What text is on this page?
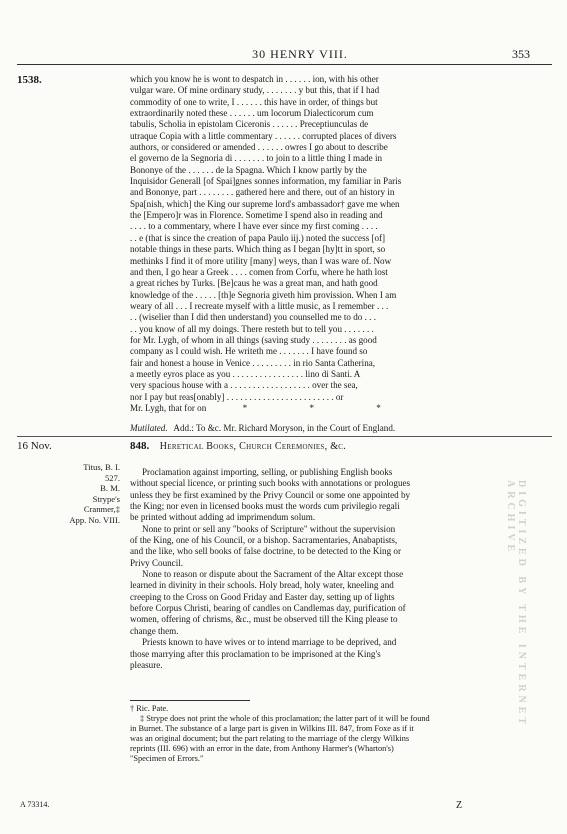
30 HENRY VIII.	353
1538.	which you know he is wont to despatch in . . . . . . ion, with his other
vulgar ware. Of mine ordinary study, . . . . . . . y but this, that if I had
commodity of one to write, I . . . . . . this have in order, of things but
extraordinarily noted these . . . . . . um locorum Dialecticorum cum
tabulis, Scholia in epistolam Ciceronis . . . . . . Preceptiunculas de
utraque Copia with a little commentary . . . . . . corrupted places of divers
authors, or considered or amended . . . . . . owres I go about to describe
el governo de la Segnoria di . . . . . . . to join to a little thing I made in
Bononye of the . . . . . . de la Spagna. Which I know partly by the
Inquisidor Generall [of Spai]gnes sonnes information, my familiar in Paris
and Bononye, part . . . . . . . . gathered here and there, out of an history in
Spa[nish, which] the King our supreme lord's ambassador† gave me when
the [Empero]r was in Florence. Sometime I spend also in reading and
. . . . to a commentary, where I have ever since my first coming . . . .
. . e (that is since the creation of papa Paulo iij.) noted the success [of]
notable things in these parts. Which thing as I began [hy]tt in sport, so
methinks I find it of more utility [many] weys, than I was ware of. Now
and then, I go hear a Greek . . . . comen from Corfu, where he hath lost
a great riches by Turks. [Be]caus he was a great man, and hath good
knowledge of the . . . . . [th]e Segnoria giveth him provission. When I am
weary of all . . . I recreate myself with a little music, as I remember . . .
. . (wiselier than I did then understand) you counselled me to do . . .
. . you know of all my doings. There resteth but to tell you . . . . . . .
for Mr. Lygh, of whom in all things (saving study . . . . . . . . as good
company as I could wish. He writeth me . . . . . . . I have found so
fair and honest a house in Venice . . . . . . . . . in rio Santa Catherina,
a meetly eyros place as you . . . . . . . . . . . . . . . . lino di Santi. A
very spacious house with a . . . . . . . . . . . . . . . . . . over the sea,
nor I pay but reas[onably] . . . . . . . . . . . . . . . . . . . . . . . . or
Mr. Lygh, that for on	* * *
Mutilated. Add.: To &c. Mr. Richard Moryson, in the Court of England.
16 Nov.	848. Heretical Books, Church Ceremonies, &c.
Titus, B. I.
527.
B. M.
Strype's
Cranmer,‡
App. No. VIII.
Proclamation against importing, selling, or publishing English books
without special licence, or printing such books with annotations or prologues
unless they be first examined by the Privy Council or some one appointed by
the King; nor even in licensed books must the words cum privilegio regali
be printed without adding ad imprimendum solum.
None to print or sell any "books of Scripture" without the supervision
of the King, one of his Council, or a bishop. Sacramentaries, Anabaptists,
and the like, who sell books of false doctrine, to be detected to the King or
Privy Council.
None to reason or dispute about the Sacrament of the Altar except those
learned in divinity in their schools. Holy bread, holy water, kneeling and
creeping to the Cross on Good Friday and Easter day, setting up of lights
before Corpus Christi, bearing of candles on Candlemas day, purification of
women, offering of chrisms, &c., must be observed till the King please to
change them.
Priests known to have wives or to intend marriage to be deprived, and
those marrying after this proclamation to be imprisoned at the King's
pleasure.	DIGITIZED BY THE INTERNET ARCHIVE
† Ric. Pate.
‡ Strype does not print the whole of this proclamation; the latter part of it will be found
in Burnet. The substance of a large part is given in Wilkins III. 847, from Foxe as if it
was an original document; but the part relating to the marriage of the clergy Wilkins
reprints (III. 696) with an error in the date, from Anthony Harmer's (Wharton's)
"Specimen of Errors."
A 73314.	Z
